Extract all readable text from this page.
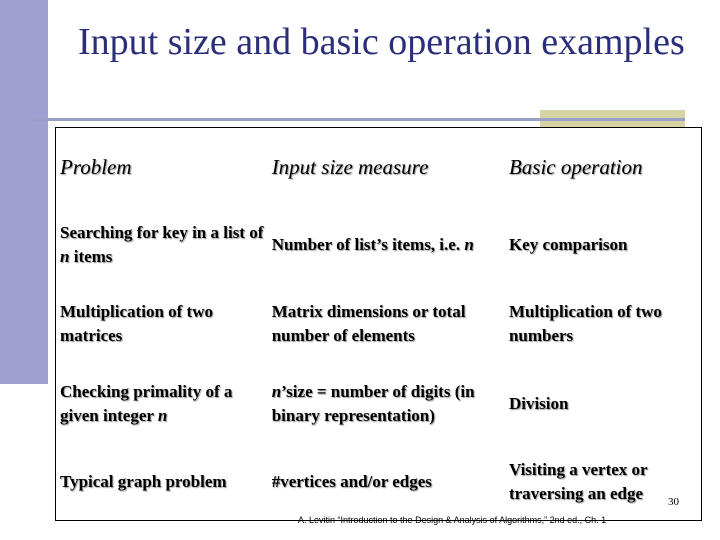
Input size and basic operation examples
Problem	Input size measure	Basic operation
Searching for key in a list of n items	Number of list’s items, i.e. n	Key comparison
Multiplication of two matrices	Matrix dimensions or total number of elements	Multiplication of two numbers
Checking primality of a given integer n	n’size = number of digits (in binary representation)	Division
Typical graph problem	#vertices and/or edges	Visiting a vertex or traversing an edge 30
A. Levitin “Introduction to the Design & Analysis of Algorithms,” 2nd ed., Ch. 1
